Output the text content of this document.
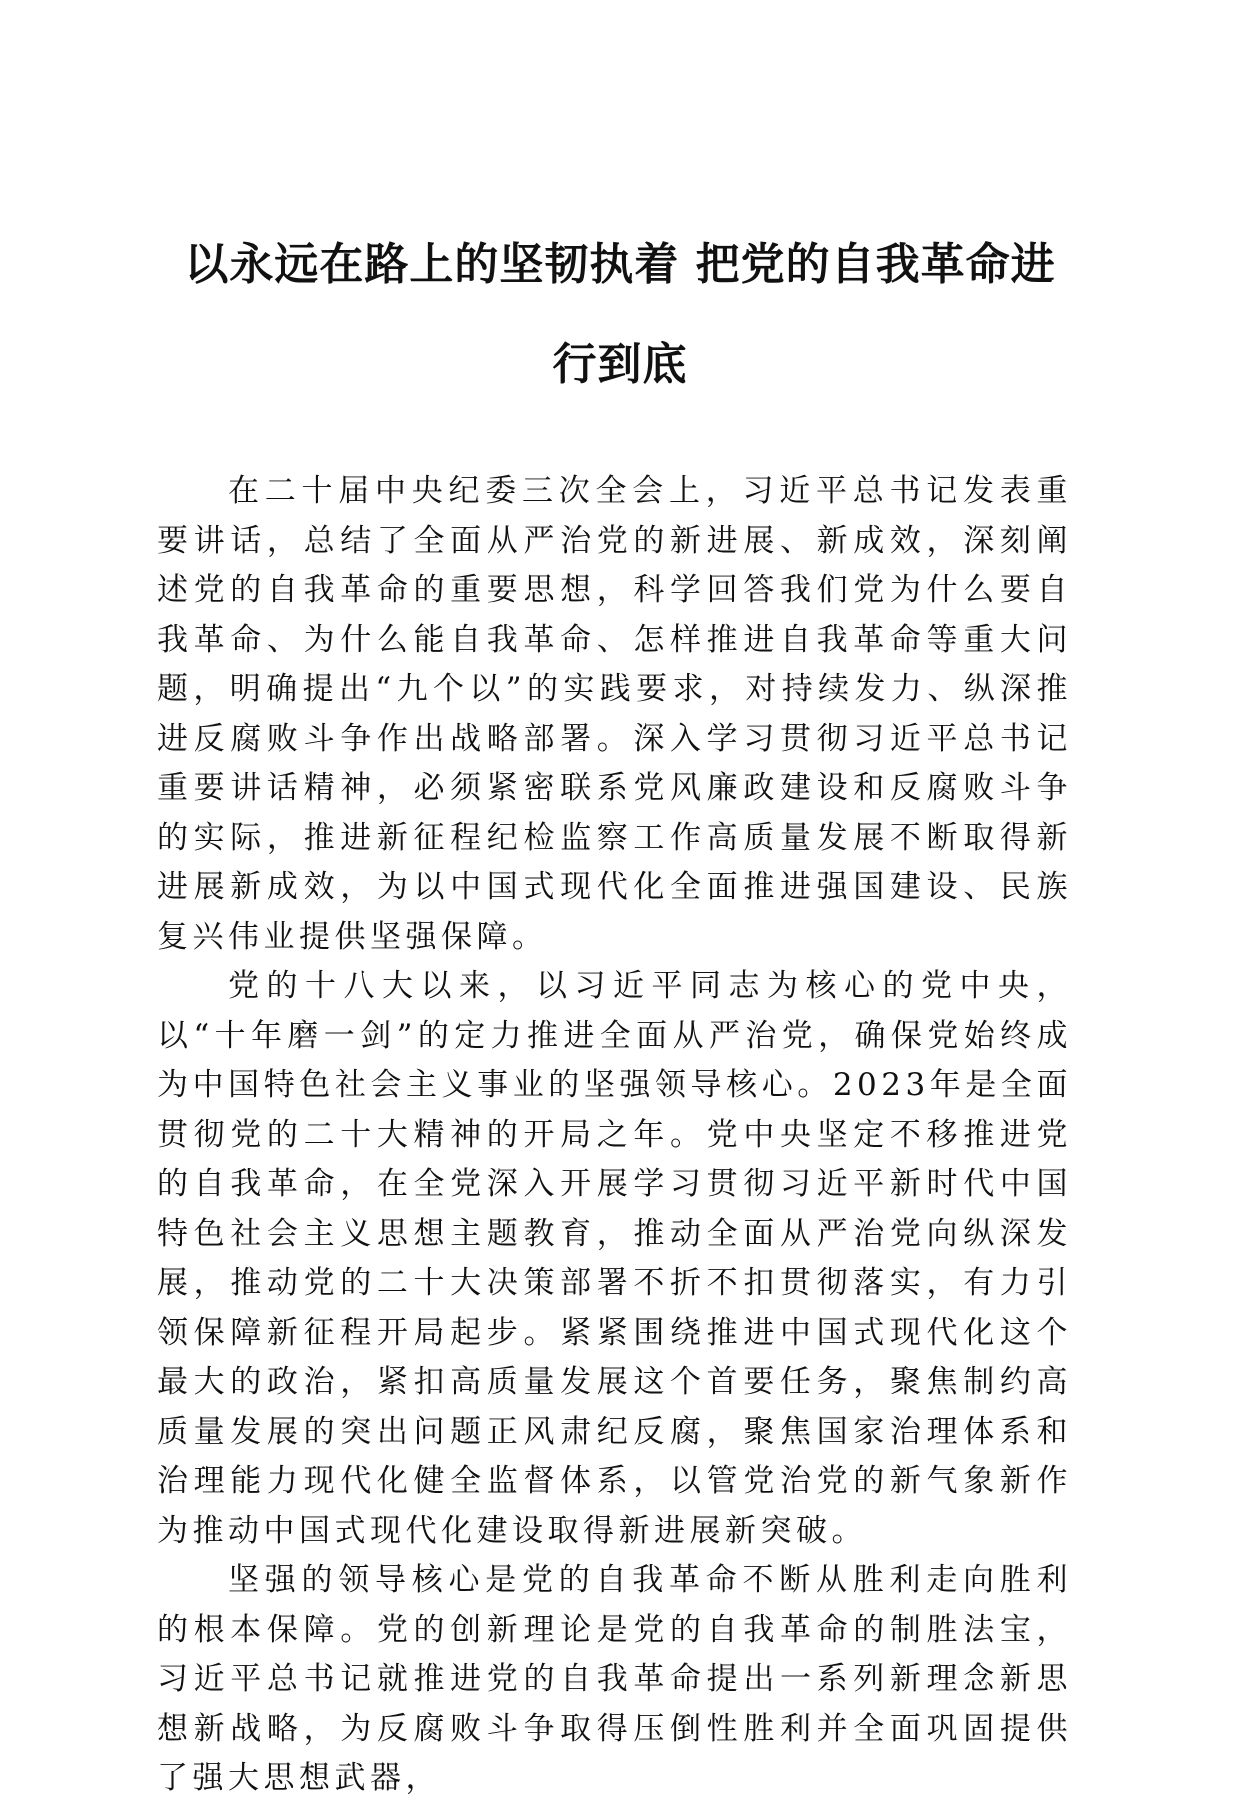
以永远在路上的坚韧执着 把党的自我革命进
行到底

在二十届中央纪委三次全会上，习近平总书记发表重要讲话，总结了全面从严治党的新进展、新成效，深刻阐述党的自我革命的重要思想，科学回答我们党为什么要自我革命、为什么能自我革命、怎样推进自我革命等重大问题，明确提出“九个以”的实践要求，对持续发力、纵深推进反腐败斗争作出战略部署。深入学习贯彻习近平总书记重要讲话精神，必须紧密联系党风廉政建设和反腐败斗争的实际，推进新征程纪检监察工作高质量发展不断取得新进展新成效，为以中国式现代化全面推进强国建设、民族复兴伟业提供坚强保障。

党的十八大以来，以习近平同志为核心的党中央，以“十年磨一剑”的定力推进全面从严治党，确保党始终成为中国特色社会主义事业的坚强领导核心。2023年是全面贯彻党的二十大精神的开局之年。党中央坚定不移推进党的自我革命，在全党深入开展学习贯彻习近平新时代中国特色社会主义思想主题教育，推动全面从严治党向纵深发展，推动党的二十大决策部署不折不扣贯彻落实，有力引领保障新征程开局起步。紧紧围绕推进中国式现代化这个最大的政治，紧扣高质量发展这个首要任务，聚焦制约高质量发展的突出问题正风肃纪反腐，聚焦国家治理体系和治理能力现代化健全监督体系，以管党治党的新气象新作为推动中国式现代化建设取得新进展新突破。

坚强的领导核心是党的自我革命不断从胜利走向胜利的根本保障。党的创新理论是党的自我革命的制胜法宝，习近平总书记就推进党的自我革命提出一系列新理念新思想新战略，为反腐败斗争取得压倒性胜利并全面巩固提供了强大思想武器，
